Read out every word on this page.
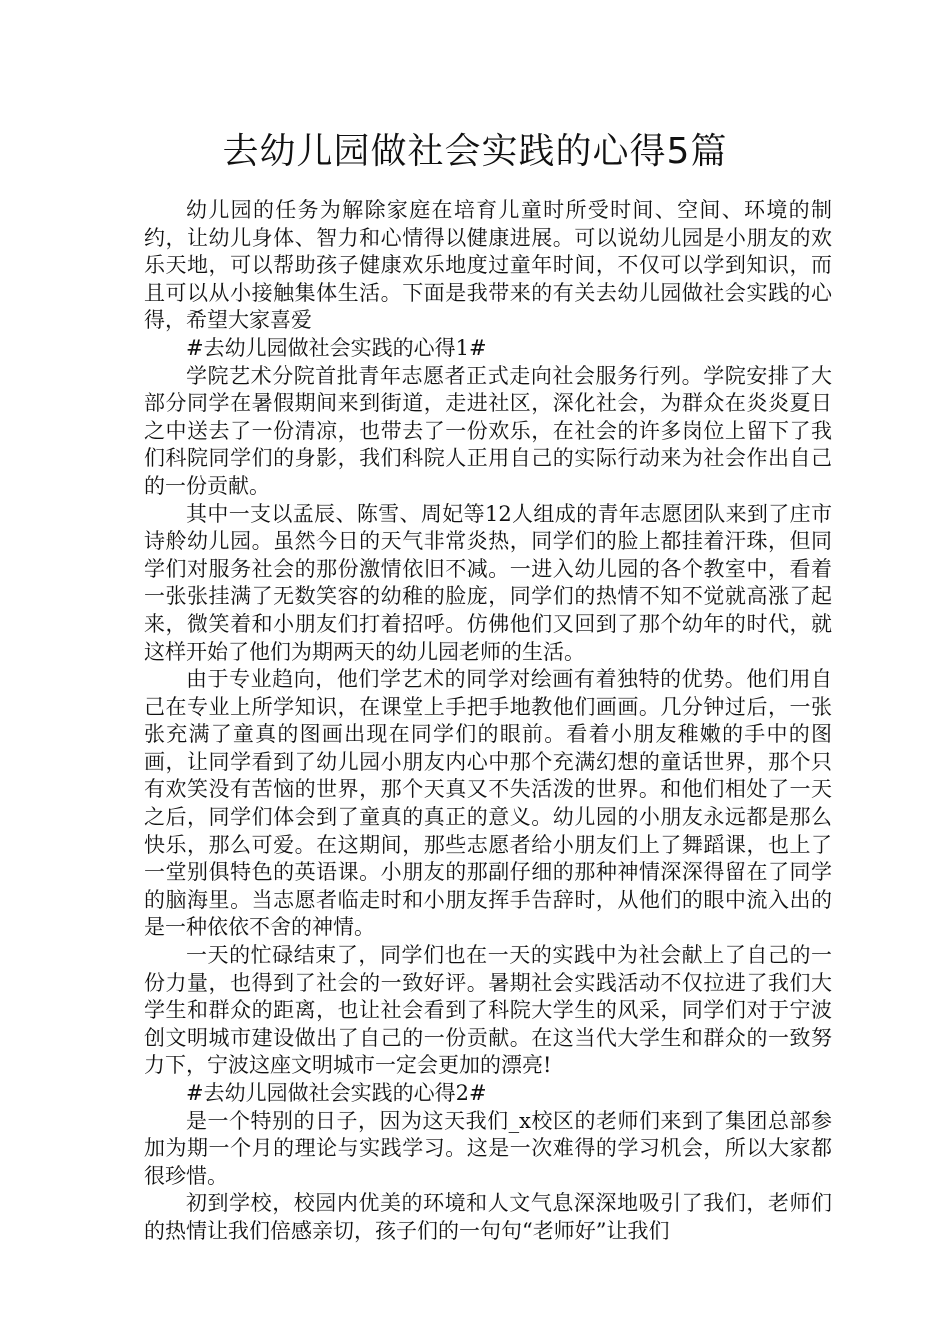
去幼儿园做社会实践的心得5篇

幼儿园的任务为解除家庭在培育儿童时所受时间、空间、环境的制约，让幼儿身体、智力和心情得以健康进展。可以说幼儿园是小朋友的欢乐天地，可以帮助孩子健康欢乐地度过童年时间，不仅可以学到知识，而且可以从小接触集体生活。下面是我带来的有关去幼儿园做社会实践的心得，希望大家喜爱

#去幼儿园做社会实践的心得1#

学院艺术分院首批青年志愿者正式走向社会服务行列。学院安排了大部分同学在暑假期间来到街道，走进社区，深化社会，为群众在炎炎夏日之中送去了一份清凉，也带去了一份欢乐，在社会的许多岗位上留下了我们科院同学们的身影，我们科院人正用自己的实际行动来为社会作出自己的一份贡献。

其中一支以孟辰、陈雪、周妃等12人组成的青年志愿团队来到了庄市诗舲幼儿园。虽然今日的天气非常炎热，同学们的脸上都挂着汗珠，但同学们对服务社会的那份激情依旧不减。一进入幼儿园的各个教室中，看着一张张挂满了无数笑容的幼稚的脸庞，同学们的热情不知不觉就高涨了起来，微笑着和小朋友们打着招呼。仿佛他们又回到了那个幼年的时代，就这样开始了他们为期两天的幼儿园老师的生活。

由于专业趋向，他们学艺术的同学对绘画有着独特的优势。他们用自己在专业上所学知识，在课堂上手把手地教他们画画。几分钟过后，一张张充满了童真的图画出现在同学们的眼前。看着小朋友稚嫩的手中的图画，让同学看到了幼儿园小朋友内心中那个充满幻想的童话世界，那个只有欢笑没有苦恼的世界，那个天真又不失活泼的世界。和他们相处了一天之后，同学们体会到了童真的真正的意义。幼儿园的小朋友永远都是那么快乐，那么可爱。在这期间，那些志愿者给小朋友们上了舞蹈课，也上了一堂别俱特色的英语课。小朋友的那副仔细的那种神情深深得留在了同学的脑海里。当志愿者临走时和小朋友挥手告辞时，从他们的眼中流入出的是一种依依不舍的神情。

一天的忙碌结束了，同学们也在一天的实践中为社会献上了自己的一份力量，也得到了社会的一致好评。暑期社会实践活动不仅拉进了我们大学生和群众的距离，也让社会看到了科院大学生的风采，同学们对于宁波创文明城市建设做出了自己的一份贡献。在这当代大学生和群众的一致努力下，宁波这座文明城市一定会更加的漂亮!

#去幼儿园做社会实践的心得2#

是一个特别的日子，因为这天我们_x校区的老师们来到了集团总部参加为期一个月的理论与实践学习。这是一次难得的学习机会，所以大家都很珍惜。

初到学校，校园内优美的环境和人文气息深深地吸引了我们，老师们的热情让我们倍感亲切，孩子们的一句句“老师好”让我们
